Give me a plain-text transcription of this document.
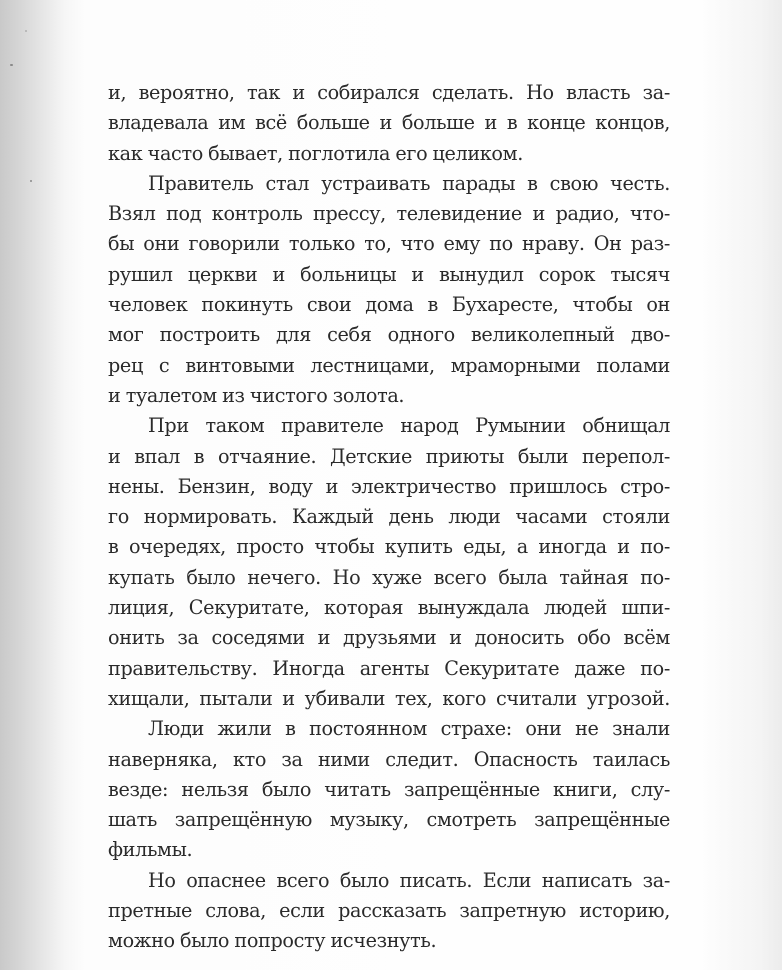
и, вероятно, так и собирался сделать. Но власть за-
владевала им всё больше и больше и в конце концов,
как часто бывает, поглотила его целиком.
Правитель стал устраивать парады в свою честь.
Взял под контроль прессу, телевидение и радио, что-
бы они говорили только то, что ему по нраву. Он раз-
рушил церкви и больницы и вынудил сорок тысяч
человек покинуть свои дома в Бухаресте, чтобы он
мог построить для себя одного великолепный дво-
рец с винтовыми лестницами, мраморными полами
и туалетом из чистого золота.
При таком правителе народ Румынии обнищал
и впал в отчаяние. Детские приюты были перепол-
нены. Бензин, воду и электричество пришлось стро-
го нормировать. Каждый день люди часами стояли
в очередях, просто чтобы купить еды, а иногда и по-
купать было нечего. Но хуже всего была тайная по-
лиция, Секуритате, которая вынуждала людей шпи-
онить за соседями и друзьями и доносить обо всём
правительству. Иногда агенты Секуритате даже по-
хищали, пытали и убивали тех, кого считали угрозой.
Люди жили в постоянном страхе: они не знали
наверняка, кто за ними следит. Опасность таилась
везде: нельзя было читать запрещённые книги, слу-
шать запрещённую музыку, смотреть запрещённые
фильмы.
Но опаснее всего было писать. Если написать за-
претные слова, если рассказать запретную историю,
можно было попросту исчезнуть.
